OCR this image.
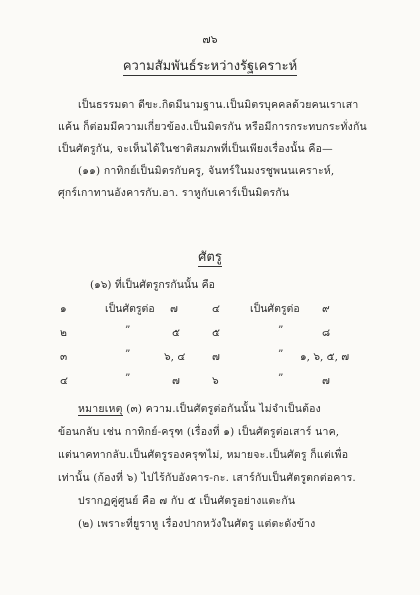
๗๖
ความสัมพันธ์ระหว่างรัฐเคราะห์
เป็นธรรมดา ดีขะ.กิดมีนามฐาน.เป็นมิตรบุคคลด้วยคนเราเสา
แค้น ก็ต่อมมีความเกี่ยวข้อง.เป็นมิตรกัน หรือมีการกระทบกระทั่งกัน
เป็นศัตรูกัน, จะเห็นได้ในชาติสมภพที่เป็นเพียงเรื่องนั้น คือ—
(๑๑) กาทิกย์เป็นมิตรกับครู, จันทร์ในมงรชูพนนเคราะห์,
ศุกร์เกาทานอังคารกับ.อา. ราหูกับเคาร์เป็นมิตรกัน
ศัตรู
(๑๖) ที่เป็นศัตรูกรกันนั้น คือ
๑	เป็นศัตรูต่อ ๗	๔	เป็นศัตรูต่อ ๙
๒	”	๕	๕	”	๘
๓	”	๖, ๔	๗	” ๑, ๖, ๕, ๗
๔	”	๗	๖	”	๗
หมายเหตุ (๓) ความ.เป็นศัตรูต่อกันนั้น ไม่จำเป็นต้อง
ข้อนกลับ เช่น กาทิกย์-ครุฑ (เรื่องที่ ๑) เป็นศัตรูต่อเสาร์ นาค,
แต่นาคทากลับ.เป็นศัตรูรองครุฑไม่, หมายจะ.เป็นศัตรู ก็แต่เพื่อ
เท่านั้น (ก้องที่ ๖) ไปไร้กับอังคาร-กะ. เสาร์กับเป็นศัตรูตกต่อคาร.
ปรากฏคู่ศูนย์ คือ ๗ กับ ๕ เป็นศัตรูอย่างแตะกัน
(๒) เพราะที่ยูราหู เรื่องปากหวังในศัตรู แต่ตะดังข้าง
